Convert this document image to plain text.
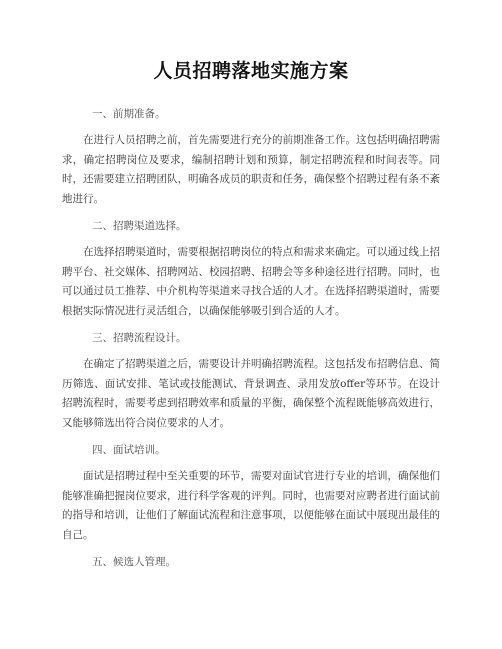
人员招聘落地实施方案

一、前期准备。

在进行人员招聘之前，首先需要进行充分的前期准备工作。这包括明确招聘需求，确定招聘岗位及要求，编制招聘计划和预算，制定招聘流程和时间表等。同时，还需要建立招聘团队，明确各成员的职责和任务，确保整个招聘过程有条不紊地进行。

二、招聘渠道选择。

在选择招聘渠道时，需要根据招聘岗位的特点和需求来确定。可以通过线上招聘平台、社交媒体、招聘网站、校园招聘、招聘会等多种途径进行招聘。同时，也可以通过员工推荐、中介机构等渠道来寻找合适的人才。在选择招聘渠道时，需要根据实际情况进行灵活组合，以确保能够吸引到合适的人才。

三、招聘流程设计。

在确定了招聘渠道之后，需要设计并明确招聘流程。这包括发布招聘信息、简历筛选、面试安排、笔试或技能测试、背景调查、录用发放offer等环节。在设计招聘流程时，需要考虑到招聘效率和质量的平衡，确保整个流程既能够高效进行，又能够筛选出符合岗位要求的人才。

四、面试培训。

面试是招聘过程中至关重要的环节，需要对面试官进行专业的培训，确保他们能够准确把握岗位要求，进行科学客观的评判。同时，也需要对应聘者进行面试前的指导和培训，让他们了解面试流程和注意事项，以便能够在面试中展现出最佳的自己。

五、候选人管理。
